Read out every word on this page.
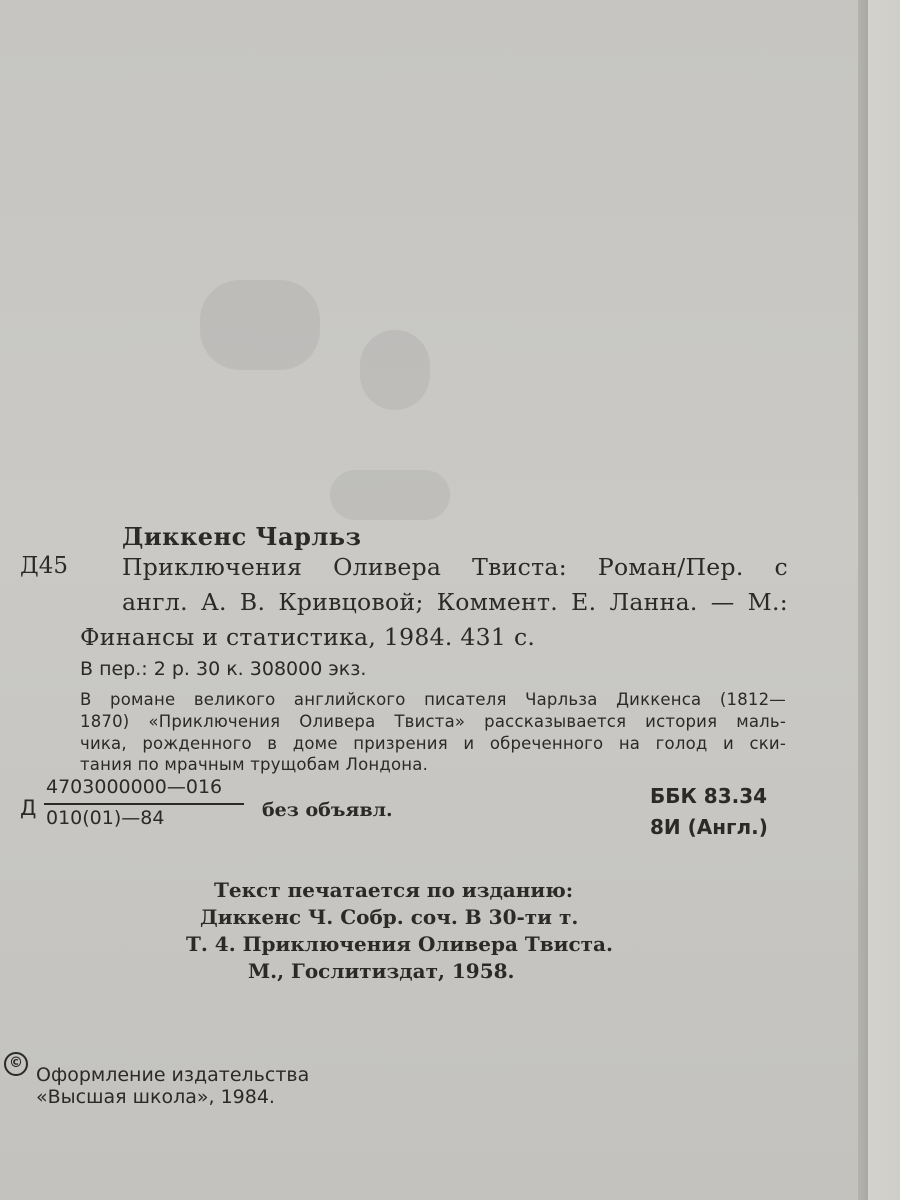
Диккенс Чарльз
Д45 Приключения Оливера Твиста: Роман/Пер. с
англ. А. В. Кривцовой; Коммент. Е. Ланна. — М.:
Финансы и статистика, 1984. 431 с.
В пер.: 2 р. 30 к. 308000 экз.
В романе великого английского писателя Чарльза Диккенса (1812—
1870) «Приключения Оливера Твиста» рассказывается история маль-
чика, рожденного в доме призрения и обреченного на голод и ски-
тания по мрачным трущобам Лондона.
Д
4703000000—016
010(01)—84	без объявл.
ББК 83.34
8И (Англ.)
Текст печатается по изданию:
Диккенс Ч. Собр. соч. В 30-ти т.
Т. 4. Приключения Оливера Твиста.
М., Гослитиздат, 1958.
©
Оформление издательства
«Высшая школа», 1984.
